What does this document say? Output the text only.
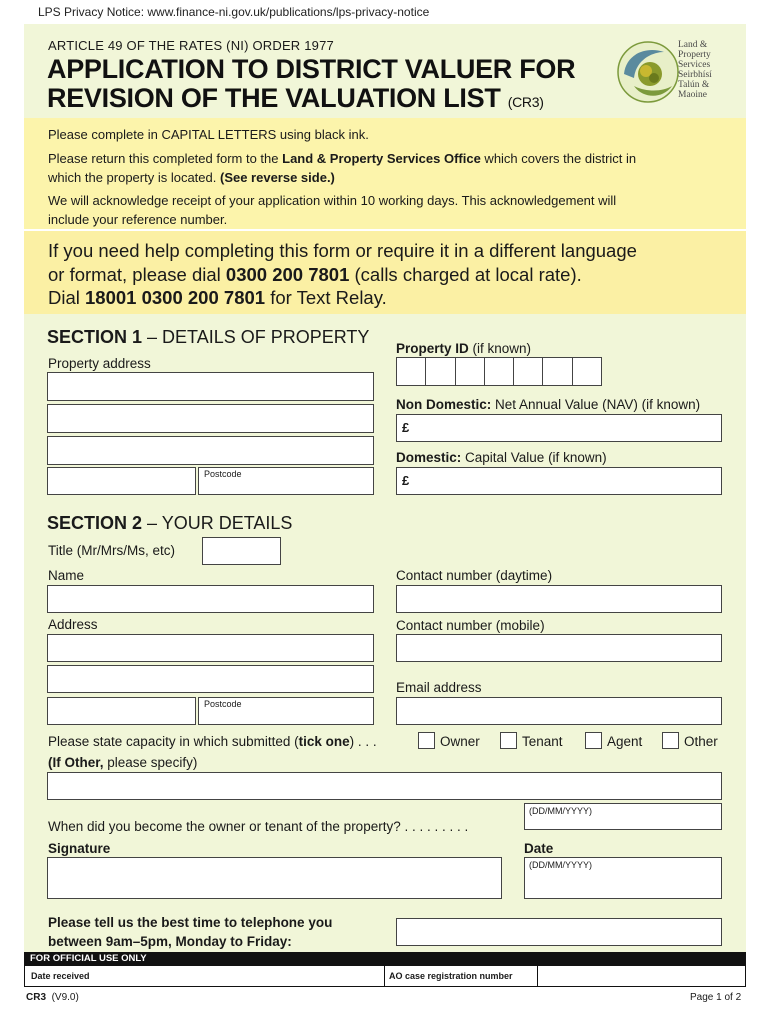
LPS Privacy Notice: www.finance-ni.gov.uk/publications/lps-privacy-notice
ARTICLE 49 OF THE RATES (NI) ORDER 1977
APPLICATION TO DISTRICT VALUER FOR
REVISION OF THE VALUATION LIST (CR3)
Land &
Property
Services
Seirbhísí
Talún &
Maoine
Please complete in CAPITAL LETTERS using black ink.
Please return this completed form to the Land & Property Services Office which covers the district in
which the property is located. (See reverse side.)
We will acknowledge receipt of your application within 10 working days. This acknowledgement will
include your reference number.
If you need help completing this form or require it in a different language
or format, please dial 0300 200 7801 (calls charged at local rate).
Dial 18001 0300 200 7801 for Text Relay.
SECTION 1 – DETAILS OF PROPERTY
Property address
Postcode
Property ID (if known)
Non Domestic: Net Annual Value (NAV) (if known)
£
Domestic: Capital Value (if known)
£
SECTION 2 – YOUR DETAILS
Title (Mr/Mrs/Ms, etc)
Name	Contact number (daytime)
Address
Postcode
Contact number (mobile)
Email address
Please state capacity in which submitted (tick one) . . .	Owner	Tenant	Agent	Other
(If Other, please specify)
(DD/MM/YYYY)
When did you become the owner or tenant of the property? . . . . . . . . .
Signature	Date
(DD/MM/YYYY)
Please tell us the best time to telephone you
between 9am–5pm, Monday to Friday:
FOR OFFICIAL USE ONLY
Date received	AO case registration number
CR3 (V9.0)	Page 1 of 2
